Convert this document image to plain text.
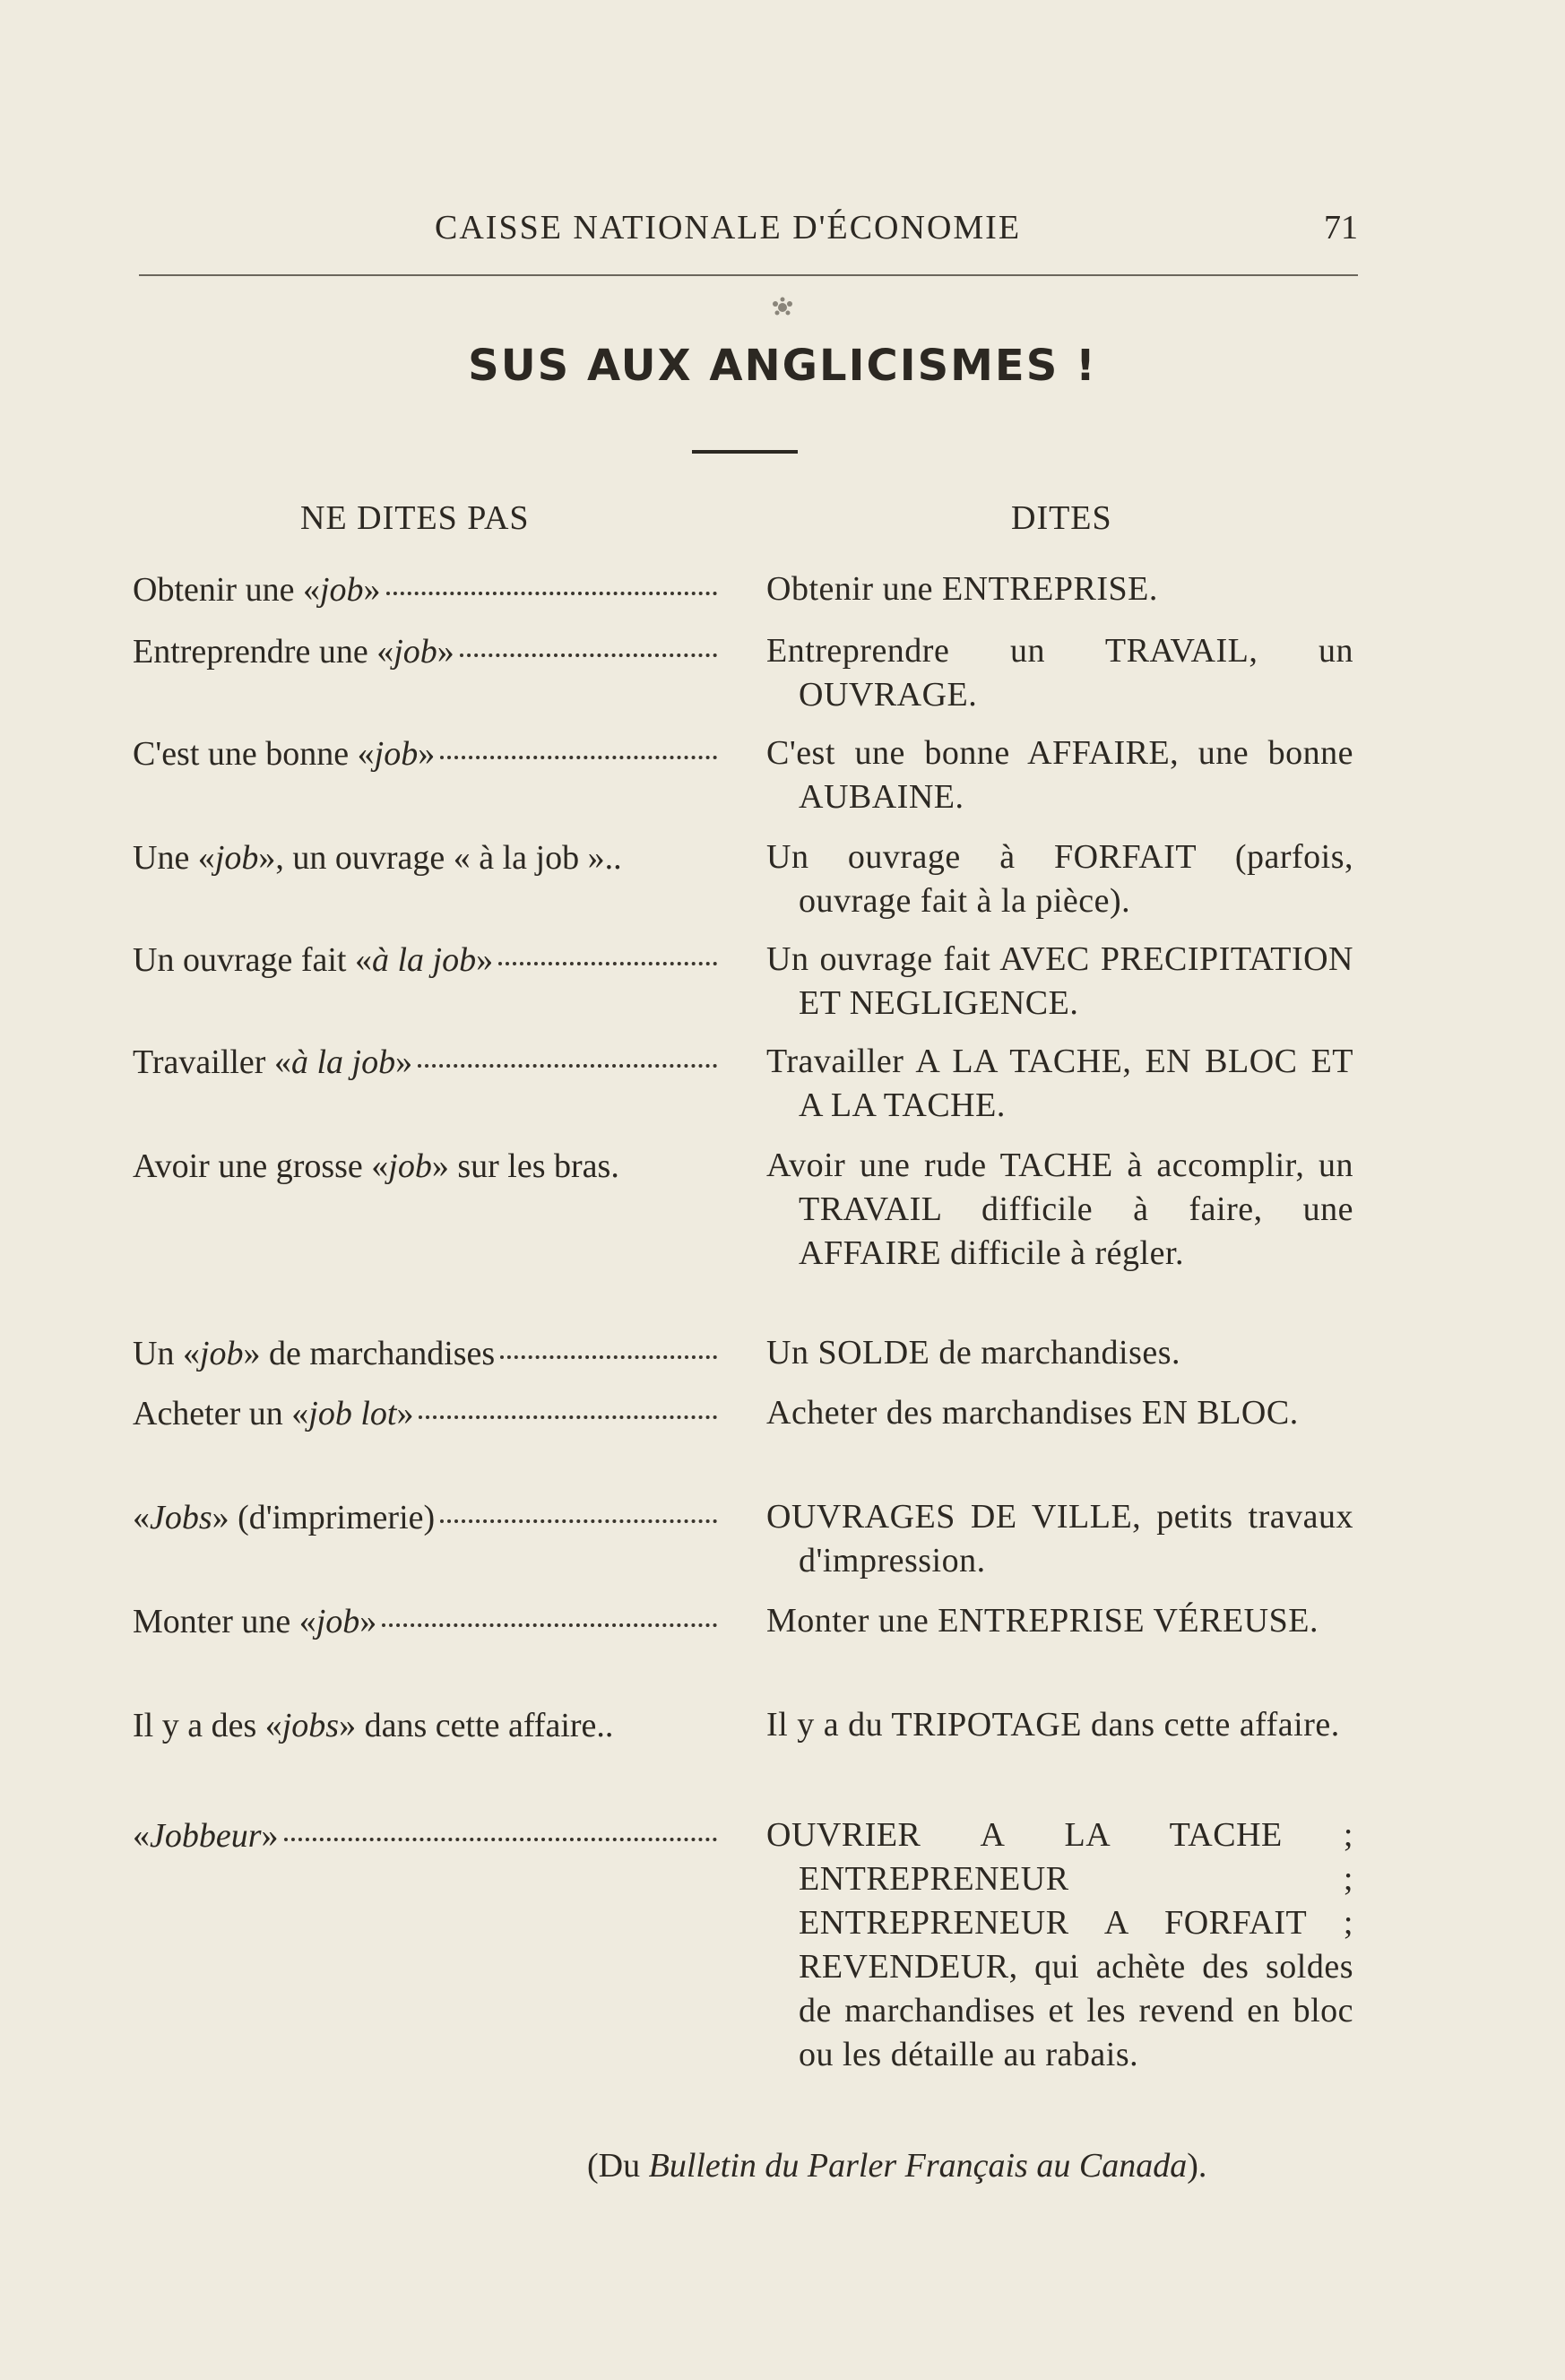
CAISSE NATIONALE D'ÉCONOMIE	71
SUS AUX ANGLICISMES !
NE DITES PAS	DITES
Obtenir une «job»	Obtenir une ENTREPRISE.
Entreprendre une «job»	Entreprendre un TRAVAIL, un OUVRAGE.
C'est une bonne «job»	C'est une bonne AFFAIRE, une bonne AUBAINE.
Une «job», un ouvrage « à la job »..	Un ouvrage à FORFAIT (parfois, ouvrage fait à la pièce).
Un ouvrage fait «à la job»	Un ouvrage fait AVEC PRECIPITATION ET NEGLIGENCE.
Travailler «à la job»	Travailler A LA TACHE, EN BLOC ET A LA TACHE.
Avoir une grosse «job» sur les bras.	Avoir une rude TACHE à accomplir, un TRAVAIL difficile à faire, une AFFAIRE difficile à régler.
Un «job» de marchandises	Un SOLDE de marchandises.
Acheter un «job lot»	Acheter des marchandises EN BLOC.
«Jobs» (d'imprimerie)	OUVRAGES DE VILLE, petits travaux d'impression.
Monter une «job»	Monter une ENTREPRISE VÉREUSE.
Il y a des «jobs» dans cette affaire..	Il y a du TRIPOTAGE dans cette affaire.
«Jobbeur»	OUVRIER A LA TACHE ; ENTREPRENEUR ; ENTREPRENEUR A FORFAIT ; REVENDEUR, qui achète des soldes de marchandises et les revend en bloc ou les détaille au rabais.
(Du Bulletin du Parler Français au Canada).
